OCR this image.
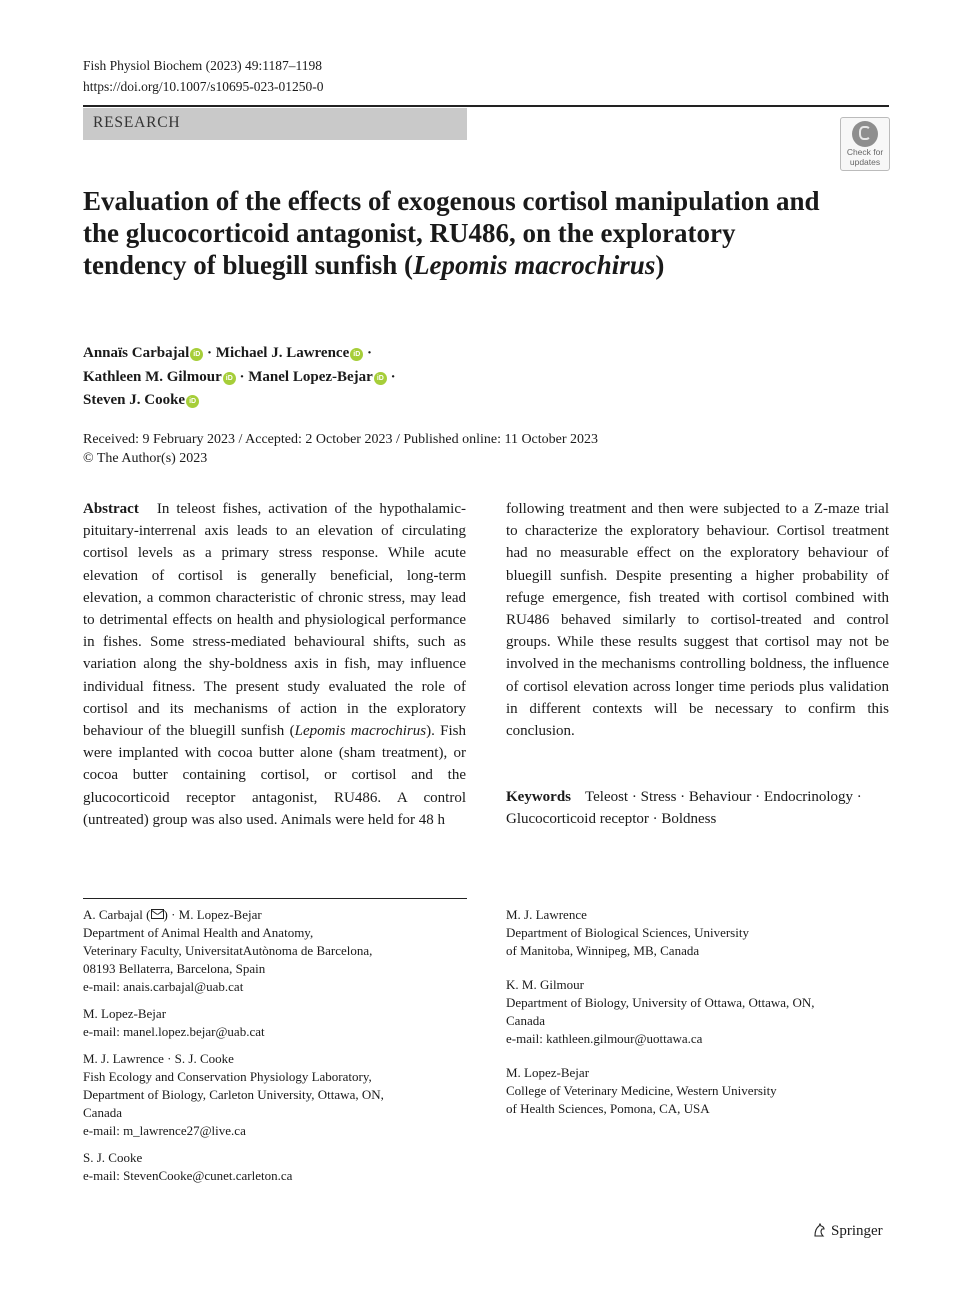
Fish Physiol Biochem (2023) 49:1187–1198
https://doi.org/10.1007/s10695-023-01250-0
RESEARCH
Check for updates
Evaluation of the effects of exogenous cortisol manipulation and the glucocorticoid antagonist, RU486, on the exploratory tendency of bluegill sunfish (Lepomis macrochirus)
Annaïs Carbajal iD · Michael J. Lawrence iD ·
Kathleen M. Gilmour iD · Manel Lopez-Bejar iD ·
Steven J. Cooke iD
Received: 9 February 2023 / Accepted: 2 October 2023 / Published online: 11 October 2023
© The Author(s) 2023
Abstract In teleost fishes, activation of the hypothalamic-pituitary-interrenal axis leads to an elevation of circulating cortisol levels as a primary stress response. While acute elevation of cortisol is generally beneficial, long-term elevation, a common characteristic of chronic stress, may lead to detrimental effects on health and physiological performance in fishes. Some stress-mediated behavioural shifts, such as variation along the shy-boldness axis in fish, may influence individual fitness. The present study evaluated the role of cortisol and its mechanisms of action in the exploratory behaviour of the bluegill sunfish (Lepomis macrochirus). Fish were implanted with cocoa butter alone (sham treatment), or cocoa butter containing cortisol, or cortisol and the glucocorticoid receptor antagonist, RU486. A control (untreated) group was also used. Animals were held for 48 h
following treatment and then were subjected to a Z-maze trial to characterize the exploratory behaviour. Cortisol treatment had no measurable effect on the exploratory behaviour of bluegill sunfish. Despite presenting a higher probability of refuge emergence, fish treated with cortisol combined with RU486 behaved similarly to cortisol-treated and control groups. While these results suggest that cortisol may not be involved in the mechanisms controlling boldness, the influence of cortisol elevation across longer time periods plus validation in different contexts will be necessary to confirm this conclusion.
Keywords Teleost · Stress · Behaviour · Endocrinology · Glucocorticoid receptor · Boldness
A. Carbajal ( ) · M. Lopez-Bejar
Department of Animal Health and Anatomy,
Veterinary Faculty, UniversitatAutònoma de Barcelona,
08193 Bellaterra, Barcelona, Spain
e-mail: anais.carbajal@uab.cat
M. Lopez-Bejar
e-mail: manel.lopez.bejar@uab.cat
M. J. Lawrence · S. J. Cooke
Fish Ecology and Conservation Physiology Laboratory,
Department of Biology, Carleton University, Ottawa, ON,
Canada
e-mail: m_lawrence27@live.ca
S. J. Cooke
e-mail: StevenCooke@cunet.carleton.ca
M. J. Lawrence
Department of Biological Sciences, University
of Manitoba, Winnipeg, MB, Canada
K. M. Gilmour
Department of Biology, University of Ottawa, Ottawa, ON,
Canada
e-mail: kathleen.gilmour@uottawa.ca
M. Lopez-Bejar
College of Veterinary Medicine, Western University
of Health Sciences, Pomona, CA, USA
Springer
